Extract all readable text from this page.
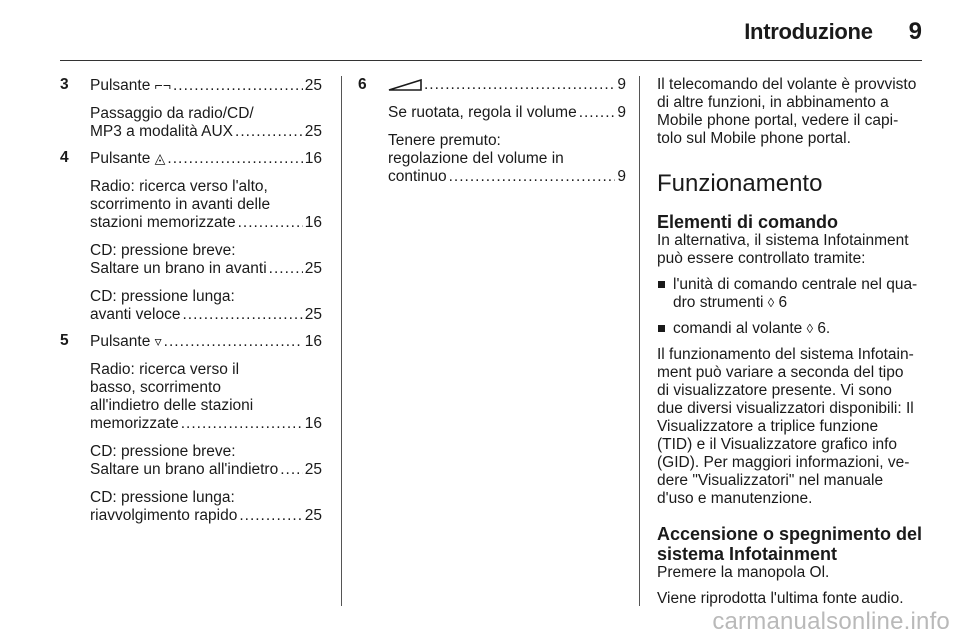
Introduzione 9
3 Pulsante ⌐¬ .....	25
Passaggio da radio/CD/
MP3 a modalità AUX .....	25
4 Pulsante ◬ .....	16
Radio: ricerca verso l'alto,
scorrimento in avanti delle
stazioni memorizzate .....	16
CD: pressione breve:
Saltare un brano in avanti ..... 25
CD: pressione lunga:
avanti veloce .....	25
5 Pulsante ▿ .....	16
Radio: ricerca verso il
basso, scorrimento
all'indietro delle stazioni
memorizzate .....	16
CD: pressione breve:
Saltare un brano all'indietro ..... 25
CD: pressione lunga:
riavvolgimento rapido .....	25
6 .....	9
Se ruotata, regola il volume .....	9
Tenere premuto:
regolazione del volume in
continuo .....	9
Il telecomando del volante è provvisto
di altre funzioni, in abbinamento a
Mobile phone portal, vedere il capi-
tolo sul Mobile phone portal.
Funzionamento
Elementi di comando
In alternativa, il sistema Infotainment
può essere controllato tramite:
l'unità di comando centrale nel qua-
dro strumenti ◊ 6
comandi al volante ◊ 6.
Il funzionamento del sistema Infotain-
ment può variare a seconda del tipo
di visualizzatore presente. Vi sono
due diversi visualizzatori disponibili: Il
Visualizzatore a triplice funzione
(TID) e il Visualizzatore grafico info
(GID). Per maggiori informazioni, ve-
dere "Visualizzatori" nel manuale
d'uso e manutenzione.
Accensione o spegnimento del
sistema Infotainment
Premere la manopola Ol.
Viene riprodotta l'ultima fonte audio.
carmanualsonline.info
